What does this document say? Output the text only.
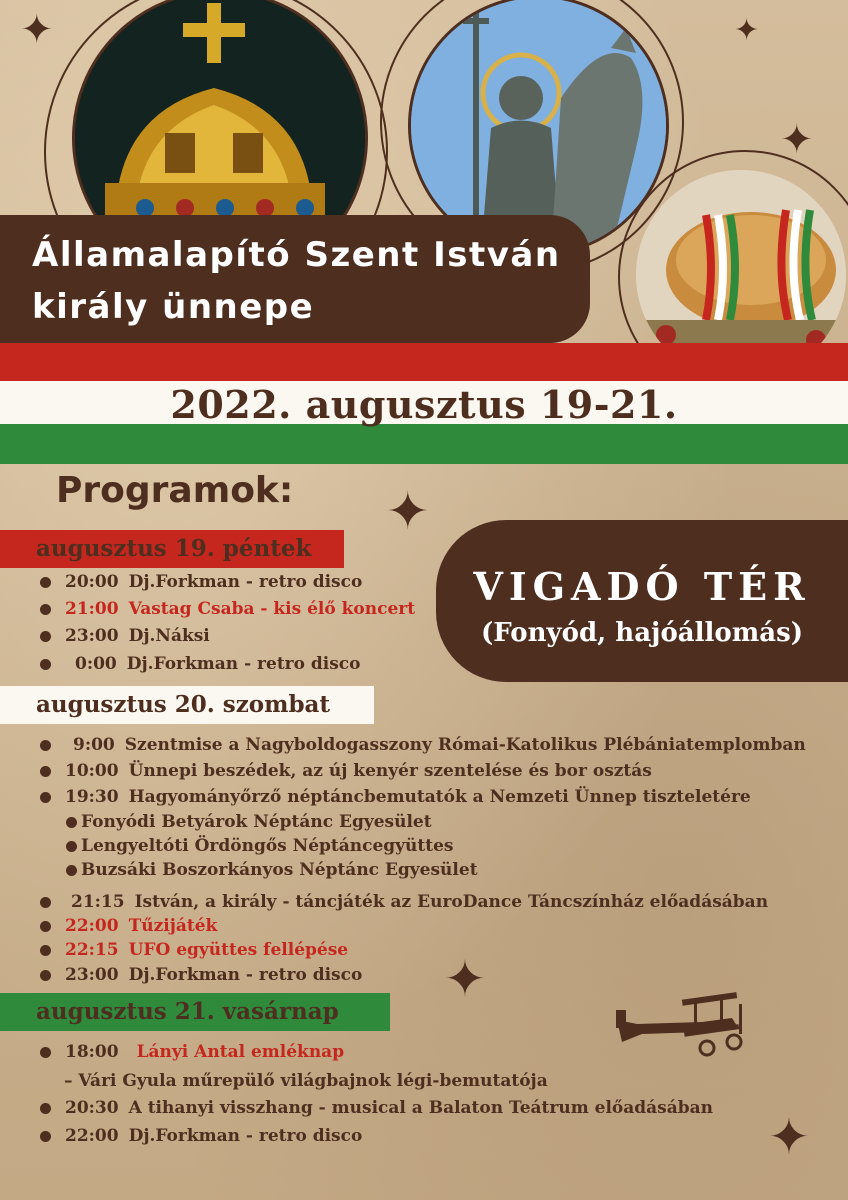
✦	✦
✦
✦
✦
✦
Államalapító Szent István
király ünnepe
2022. augusztus 19-21.
Programok:
VIGADÓ TÉR
(Fonyód, hajóállomás)
augusztus 19. péntek
20:00 Dj.Forkman - retro disco
21:00 Vastag Csaba - kis élő koncert
23:00 Dj.Náksi
0:00 Dj.Forkman - retro disco
augusztus 20. szombat
9:00 Szentmise a Nagyboldogasszony Római-Katolikus Plébániatemplomban
10:00 Ünnepi beszédek, az új kenyér szentelése és bor osztás
19:30 Hagyományőrző néptáncbemutatók a Nemzeti Ünnep tiszteletére
Fonyódi Betyárok Néptánc Egyesület
Lengyeltóti Ördöngős Néptáncegyüttes
Buzsáki Boszorkányos Néptánc Egyesület
21:15 István, a király - táncjáték az EuroDance Táncszínház előadásában
22:00 Tűzijáték
22:15 UFO együttes fellépése
23:00 Dj.Forkman - retro disco
augusztus 21. vasárnap
18:00 Lányi Antal emléknap
– Vári Gyula műrepülő világbajnok légi-bemutatója
20:30 A tihanyi visszhang - musical a Balaton Teátrum előadásában
22:00 Dj.Forkman - retro disco
